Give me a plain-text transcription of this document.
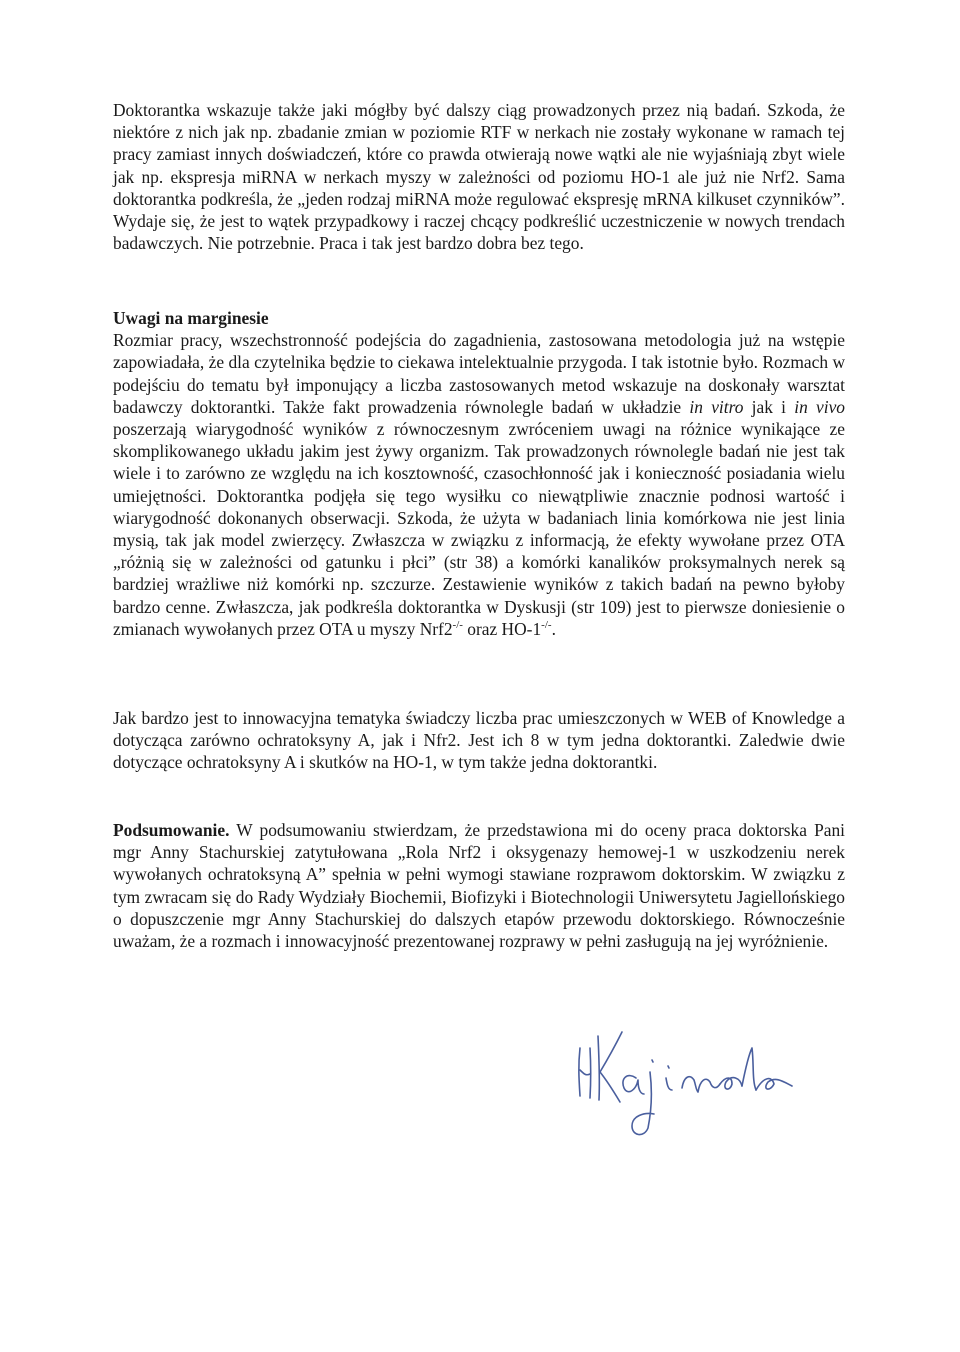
Doktorantka wskazuje także jaki mógłby być dalszy ciąg prowadzonych przez nią badań. Szkoda, że niektóre z nich jak np. zbadanie zmian w poziomie RTF w nerkach nie zostały wykonane w ramach tej pracy zamiast innych doświadczeń, które co prawda otwierają nowe wątki ale nie wyjaśniają zbyt wiele jak np. ekspresja miRNA w nerkach myszy w zależności od poziomu HO-1 ale już nie Nrf2. Sama doktorantka podkreśla, że „jeden rodzaj miRNA może regulować ekspresję mRNA kilkuset czynników”. Wydaje się, że jest to wątek przypadkowy i raczej chcący podkreślić uczestniczenie w nowych trendach badawczych. Nie potrzebnie. Praca i tak jest bardzo dobra bez tego.

Uwagi na marginesie

Rozmiar pracy, wszechstronność podejścia do zagadnienia, zastosowana metodologia już na wstępie zapowiadała, że dla czytelnika będzie to ciekawa intelektualnie przygoda. I tak istotnie było. Rozmach w podejściu do tematu był imponujący a liczba zastosowanych metod wskazuje na doskonały warsztat badawczy doktorantki. Także fakt prowadzenia równolegle badań w układzie in vitro jak i in vivo poszerzają wiarygodność wyników z równoczesnym zwróceniem uwagi na różnice wynikające ze skomplikowanego układu jakim jest żywy organizm. Tak prowadzonych równolegle badań nie jest tak wiele i to zarówno ze względu na ich kosztowność, czasochłonność jak i konieczność posiadania wielu umiejętności. Doktorantka podjęła się tego wysiłku co niewątpliwie znacznie podnosi wartość i wiarygodność dokonanych obserwacji. Szkoda, że użyta w badaniach linia komórkowa nie jest linia mysią, tak jak model zwierzęcy. Zwłaszcza w związku z informacją, że efekty wywołane przez OTA „różnią się w zależności od gatunku i płci” (str 38) a komórki kanalików proksymalnych nerek są bardziej wrażliwe niż komórki np. szczurze. Zestawienie wyników z takich badań na pewno byłoby bardzo cenne. Zwłaszcza, jak podkreśla doktorantka w Dyskusji (str 109) jest to pierwsze doniesienie o zmianach wywołanych przez OTA u myszy Nrf2-/- oraz HO-1-/-.

Jak bardzo jest to innowacyjna tematyka świadczy liczba prac umieszczonych w WEB of Knowledge a dotycząca zarówno ochratoksyny A, jak i Nfr2. Jest ich 8 w tym jedna doktorantki. Zaledwie dwie dotyczące ochratoksyny A i skutków na HO-1, w tym także jedna doktorantki.

Podsumowanie. W podsumowaniu stwierdzam, że przedstawiona mi do oceny praca doktorska Pani mgr Anny Stachurskiej zatytułowana „Rola Nrf2 i oksygenazy hemowej-1 w uszkodzeniu nerek wywołanych ochratoksyną A” spełnia w pełni wymogi stawiane rozprawom doktorskim. W związku z tym zwracam się do Rady Wydziały Biochemii, Biofizyki i Biotechnologii Uniwersytetu Jagiellońskiego o dopuszczenie mgr Anny Stachurskiej do dalszych etapów przewodu doktorskiego. Równocześnie uważam, że a rozmach i innowacyjność prezentowanej rozprawy w pełni zasługują na jej wyróżnienie.
